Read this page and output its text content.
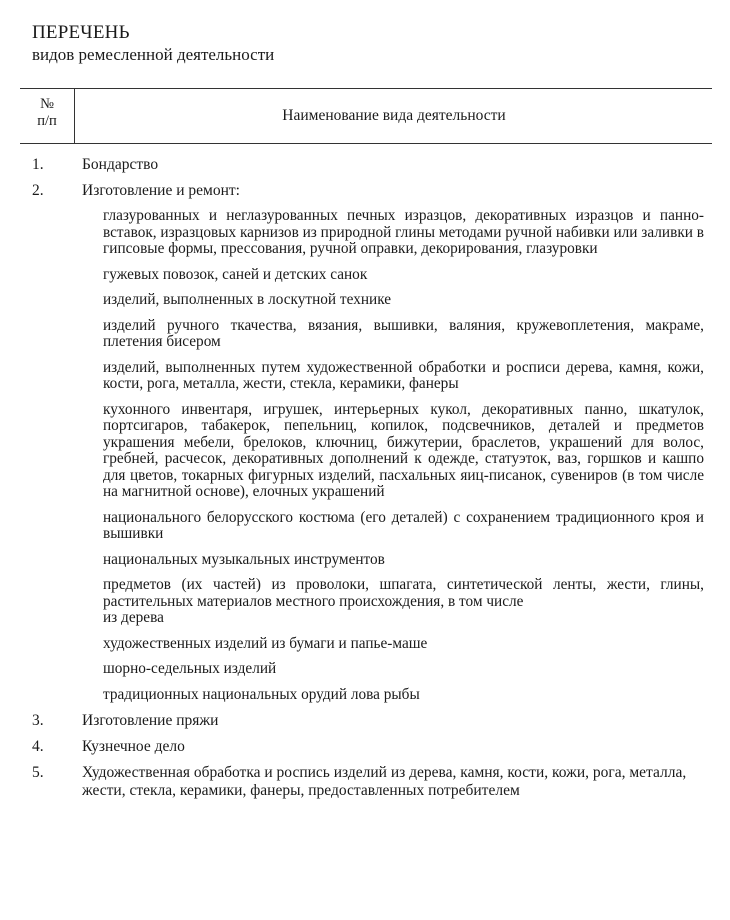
ПЕРЕЧЕНЬ
видов ремесленной деятельности
№
п/п	Наименование вида деятельности
1. Бондарство
2. Изготовление и ремонт:
глазурованных и неглазурованных печных изразцов, декоративных изразцов и панно-вставок, изразцовых карнизов из природной глины методами ручной набивки или заливки в гипсовые формы, прессования, ручной оправки, декорирования, глазуровки
гужевых повозок, саней и детских санок
изделий, выполненных в лоскутной технике
изделий ручного ткачества, вязания, вышивки, валяния, кружевоплетения, макраме, плетения бисером
изделий, выполненных путем художественной обработки и росписи дерева, камня, кожи, кости, рога, металла, жести, стекла, керамики, фанеры
кухонного инвентаря, игрушек, интерьерных кукол, декоративных панно, шкатулок, портсигаров, табакерок, пепельниц, копилок, подсвечников, деталей и предметов украшения мебели, брелоков, ключниц, бижутерии, браслетов, украшений для волос, гребней, расчесок, декоративных дополнений к одежде, статуэток, ваз, горшков и кашпо для цветов, токарных фигурных изделий, пасхальных яиц-писанок, сувениров (в том числе на магнитной основе), елочных украшений
национального белорусского костюма (его деталей) с сохранением традиционного кроя и вышивки
национальных музыкальных инструментов
предметов (их частей) из проволоки, шпагата, синтетической ленты, жести, глины, растительных материалов местного происхождения, в том числе
из дерева
художественных изделий из бумаги и папье-маше
шорно-седельных изделий
традиционных национальных орудий лова рыбы
3. Изготовление пряжи
4. Кузнечное дело
5. Художественная обработка и роспись изделий из дерева, камня, кости, кожи, рога, металла, жести, стекла, керамики, фанеры, предоставленных потребителем
